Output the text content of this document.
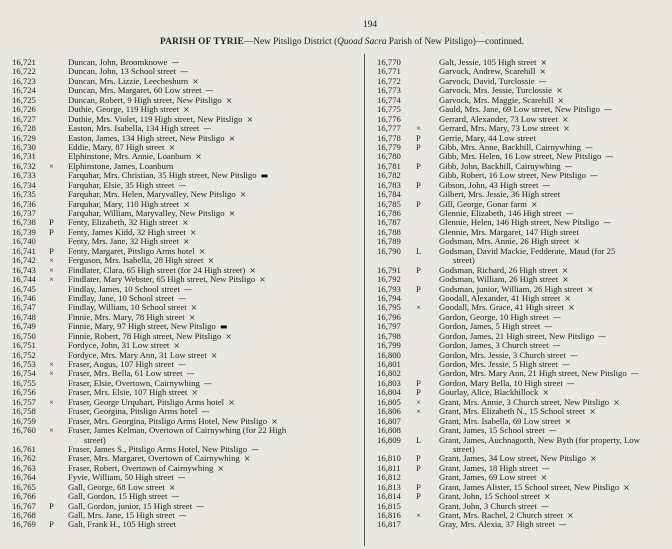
194
PARISH OF TYRIE—New Pitsligo District (Quoad Sacra Parish of New Pitsligo)—continued.
16,721	Duncan, John, Broomknowe —
16,722	Duncan, John, 13 School street —
16,723	Duncan, Mrs. Lizzie, Leecheshurn ×
16,724	Duncan, Mrs. Margaret, 60 Low street —
16,725	Duncan, Robert, 9 High street, New Pitsligo ×
16,726	Duthie, George, 119 High street ×
16,727	Duthie, Mrs. Violet, 119 High street, New Pitsligo ×
16,728	Easton, Mrs. Isabella, 134 High street —
16,729	Easton, James, 134 High street, New Pitsligo ×
16,730	Eddie, Mary, 87 High street ×
16,731	Elphinstone, Mrs. Annie, Loanburn ×
16,732	×	Elphinstone, James, Loanburn
16,733	Farquhar, Mrs. Christian, 35 High street, New Pitsligo ▬
16,734	Farquhar, Elsie, 35 High street —
16,735	Farquhar, Mrs. Helen, Maryvalley, New Pitsligo ×
16,736	Farquhar, Mary, 110 High street ×
16,737	Farquhar, William, Maryvalley, New Pitsligo ×
16,738	P	Fenty, Elizabeth, 32 High street ×
16,739	P	Fenty, James Kidd, 32 High street ×
16,740	Fenty, Mrs. Jane, 32 High street ×
16,741	P	Fenty, Margaret, Pitsligo Arms hotel ×
16,742	×	Ferguson, Mrs. Isabella, 28 High street ×
16,743	×	Findlater, Clara, 65 High street (for 24 High street) ×
16,744	×	Findlater, Mary Webster, 65 High street, New Pitsligo ×
16,745	Findlay, James, 10 School street —
16,746	Findlay, Jane, 10 School street —
16,747	Findlay, William, 10 School street ×
16,748	Finnie, Mrs. Mary, 78 High street ×
16,749	Finnie, Mary, 97 High street, New Pitsligo ▬
16,750	Finnie, Robert, 78 High street, New Pitsligo ×
16,751	Fordyce, John, 31 Low street ×
16,752	Fordyce, Mrs. Mary Ann, 31 Low street ×
16,753	×	Fraser, Angus, 107 High street —
16,754	×	Fraser, Mrs. Bella, 61 Low street —
16,755	Fraser, Elsie, Overtown, Cairnywhing —
16,756	Fraser, Mrs. Elsie, 107 High street ×
16,757	×	Fraser, George Urquhart, Pitsligo Arms hotel ×
16,758	Fraser, Georgina, Pitsligo Arms hotel —
16,759	Fraser, Mrs. Georgina, Pitsligo Arms Hotel, New Pitsligo ×
16,760	×	Fraser, James Kelman, Overtown of Cairnywhing (for 22 High
street)
16,761	Fraser, James S., Pitsligo Arms Hotel, New Pitsligo —
16,762	Fraser, Mrs. Margaret, Overtown of Cairnywhing ×
16,763	Fraser, Robert, Overtown of Cairnywhing ×
16,764	Fyvie, William, 50 High street —
16,765	Gall, George, 68 Low street ×
16,766	Gall, Gordon, 15 High street —
16,767	P	Gall, Gordon, junior, 15 High street —
16,768	Gall, Mrs. Jane, 15 High street —
16,769	P	Galt, Frank H., 105 High street
16,770	Galt, Jessie, 105 High street ×
16,771	Garvock, Andrew, Scarehill ×
16,772	Garvock, David, Turclossie —
16,773	Garvock, Mrs. Jessie, Turclossie ×
16,774	Garvock, Mrs. Maggie, Scarehill ×
16,775	Gauld, Mrs. Jane, 69 Low street, New Pitsligo —
16,776	Gerrard, Alexander, 73 Low street ×
16,777	×	Gerrard, Mrs. Mary, 73 Low street ×
16,778	P	Gerrie, Mary, 44 Low street
16,779	P	Gibb, Mrs. Anne, Backhill, Cairnywhing —
16,780	Gibb, Mrs. Helen, 16 Low street, New Pitsligo —
16,781	P	Gibb, John, Backhill, Cairnywhing —
16,782	Gibb, Robert, 16 Low street, New Pitsligo —
16,783	P	Gibson, John, 43 High street —
16,784	Gilbert, Mrs. Jessie, 36 High street
16,785	P	Gill, George, Gonar farm ×
16,786	Glennie, Elizabeth, 146 High street —
16,787	Glennie, Helen, 146 High street, New Pitsligo —
16,788	Glennie, Mrs. Margaret, 147 High street
16,789	Godsman, Mrs. Annie, 26 High street ×
16,790	L	Godsman, David Mackie, Fedderate, Maud (for 25
street)
16,791	P	Godsman, Richard, 26 High street ×
16,792	Godsman, William, 26 High street ×
16,793	P	Godsman, junior, William, 26 High street ×
16,794	Goodall, Alexander, 41 High street ×
16,795	×	Goodall, Mrs. Grace, 41 High street ×
16,796	Gordon, George, 10 High street —
16,797	Gordon, James, 5 High street —
16,798	Gordon, James, 21 High street, New Pitsligo —
16,799	Gordon, James, 3 Church street —
16,800	Gordon, Mrs. Jessie, 3 Church street —
16,801	Gordon, Mrs. Jessie, 5 High street —
16,802	Gordon, Mrs. Mary Ann, 21 High street, New Pitsligo —
16,803	P	Gordon, Mary Bella, 10 High street —
16,804	P	Gourlay, Alice, Blackhillock ×
16,805	×	Grant, Mrs. Annie, 3 Church street, New Pitsligo ×
16,806	×	Grant, Mrs. Elizabeth N., 15 School street ×
16,807	Grant, Mrs. Isabella, 69 Low street ×
16,808	Grant, James, 15 School street —
16,809	L	Grant, James, Auchnagorth, New Byth (for property, Low
street)
16,810	P	Grant, James, 34 Low street, New Pitsligo ×
16,811	P	Grant, James, 18 High street —
16,812	Grant, James, 69 Low street ×
16,813	P	Grant, James Alister, 15 School street, New Pitsligo ×
16,814	P	Grant, John, 15 School street ×
16,815	Grant, John, 3 Church street —
16,816	×	Grant, Mrs. Rachel, 2 Church street ×
16,817	Gray, Mrs. Alexia, 37 High street —
